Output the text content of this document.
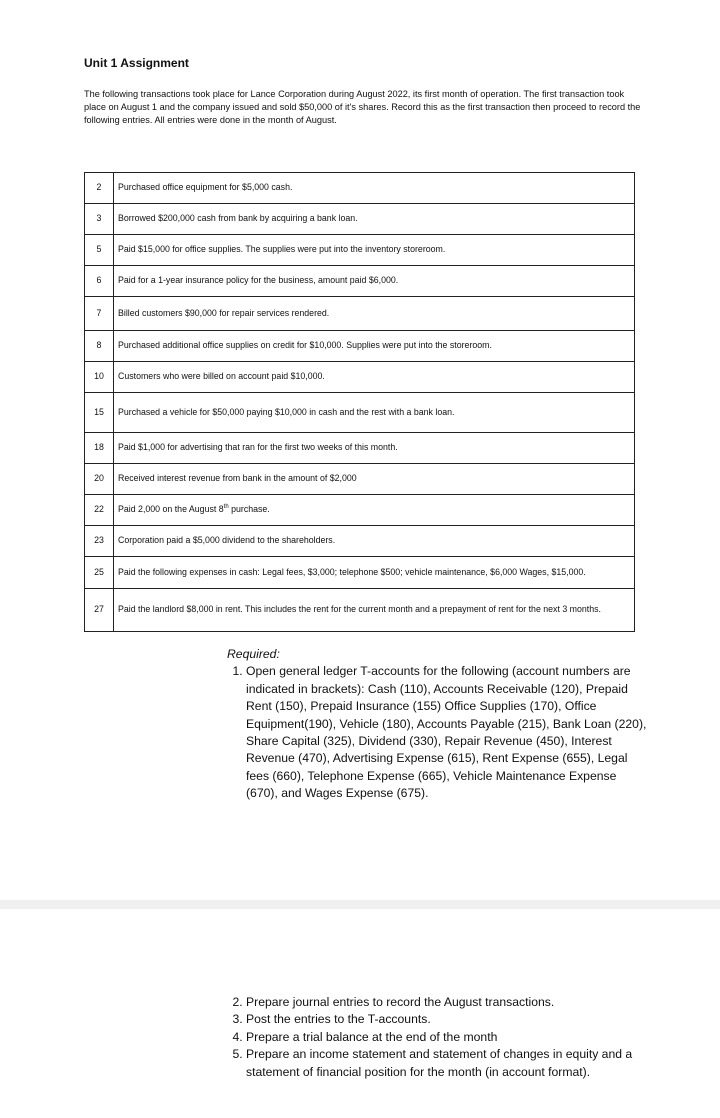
Unit 1 Assignment
The following transactions took place for Lance Corporation during August 2022, its first month of operation. The first transaction took place on August 1 and the company issued and sold $50,000 of it's shares. Record this as the first transaction then proceed to record the following entries. All entries were done in the month of August.
2	Purchased office equipment for $5,000 cash.
3	Borrowed $200,000 cash from bank by acquiring a bank loan.
5	Paid $15,000 for office supplies. The supplies were put into the inventory storeroom.
6	Paid for a 1-year insurance policy for the business, amount paid $6,000.
7	Billed customers $90,000 for repair services rendered.
8	Purchased additional office supplies on credit for $10,000. Supplies were put into the storeroom.
10	Customers who were billed on account paid $10,000.
15	Purchased a vehicle for $50,000 paying $10,000 in cash and the rest with a bank loan.
18	Paid $1,000 for advertising that ran for the first two weeks of this month.
20	Received interest revenue from bank in the amount of $2,000
22	Paid 2,000 on the August 8th purchase.
23	Corporation paid a $5,000 dividend to the shareholders.
25	Paid the following expenses in cash: Legal fees, $3,000; telephone $500; vehicle maintenance, $6,000 Wages, $15,000.
27	Paid the landlord $8,000 in rent. This includes the rent for the current month and a prepayment of rent for the next 3 months.
Required:
1. Open general ledger T-accounts for the following (account numbers are indicated in brackets): Cash (110), Accounts Receivable (120), Prepaid Rent (150), Prepaid Insurance (155) Office Supplies (170), Office Equipment(190), Vehicle (180), Accounts Payable (215), Bank Loan (220), Share Capital (325), Dividend (330), Repair Revenue (450), Interest Revenue (470), Advertising Expense (615), Rent Expense (655), Legal fees (660), Telephone Expense (665), Vehicle Maintenance Expense (670), and Wages Expense (675).
2. Prepare journal entries to record the August transactions.
3. Post the entries to the T-accounts.
4. Prepare a trial balance at the end of the month
5. Prepare an income statement and statement of changes in equity and a statement of financial position for the month (in account format).
